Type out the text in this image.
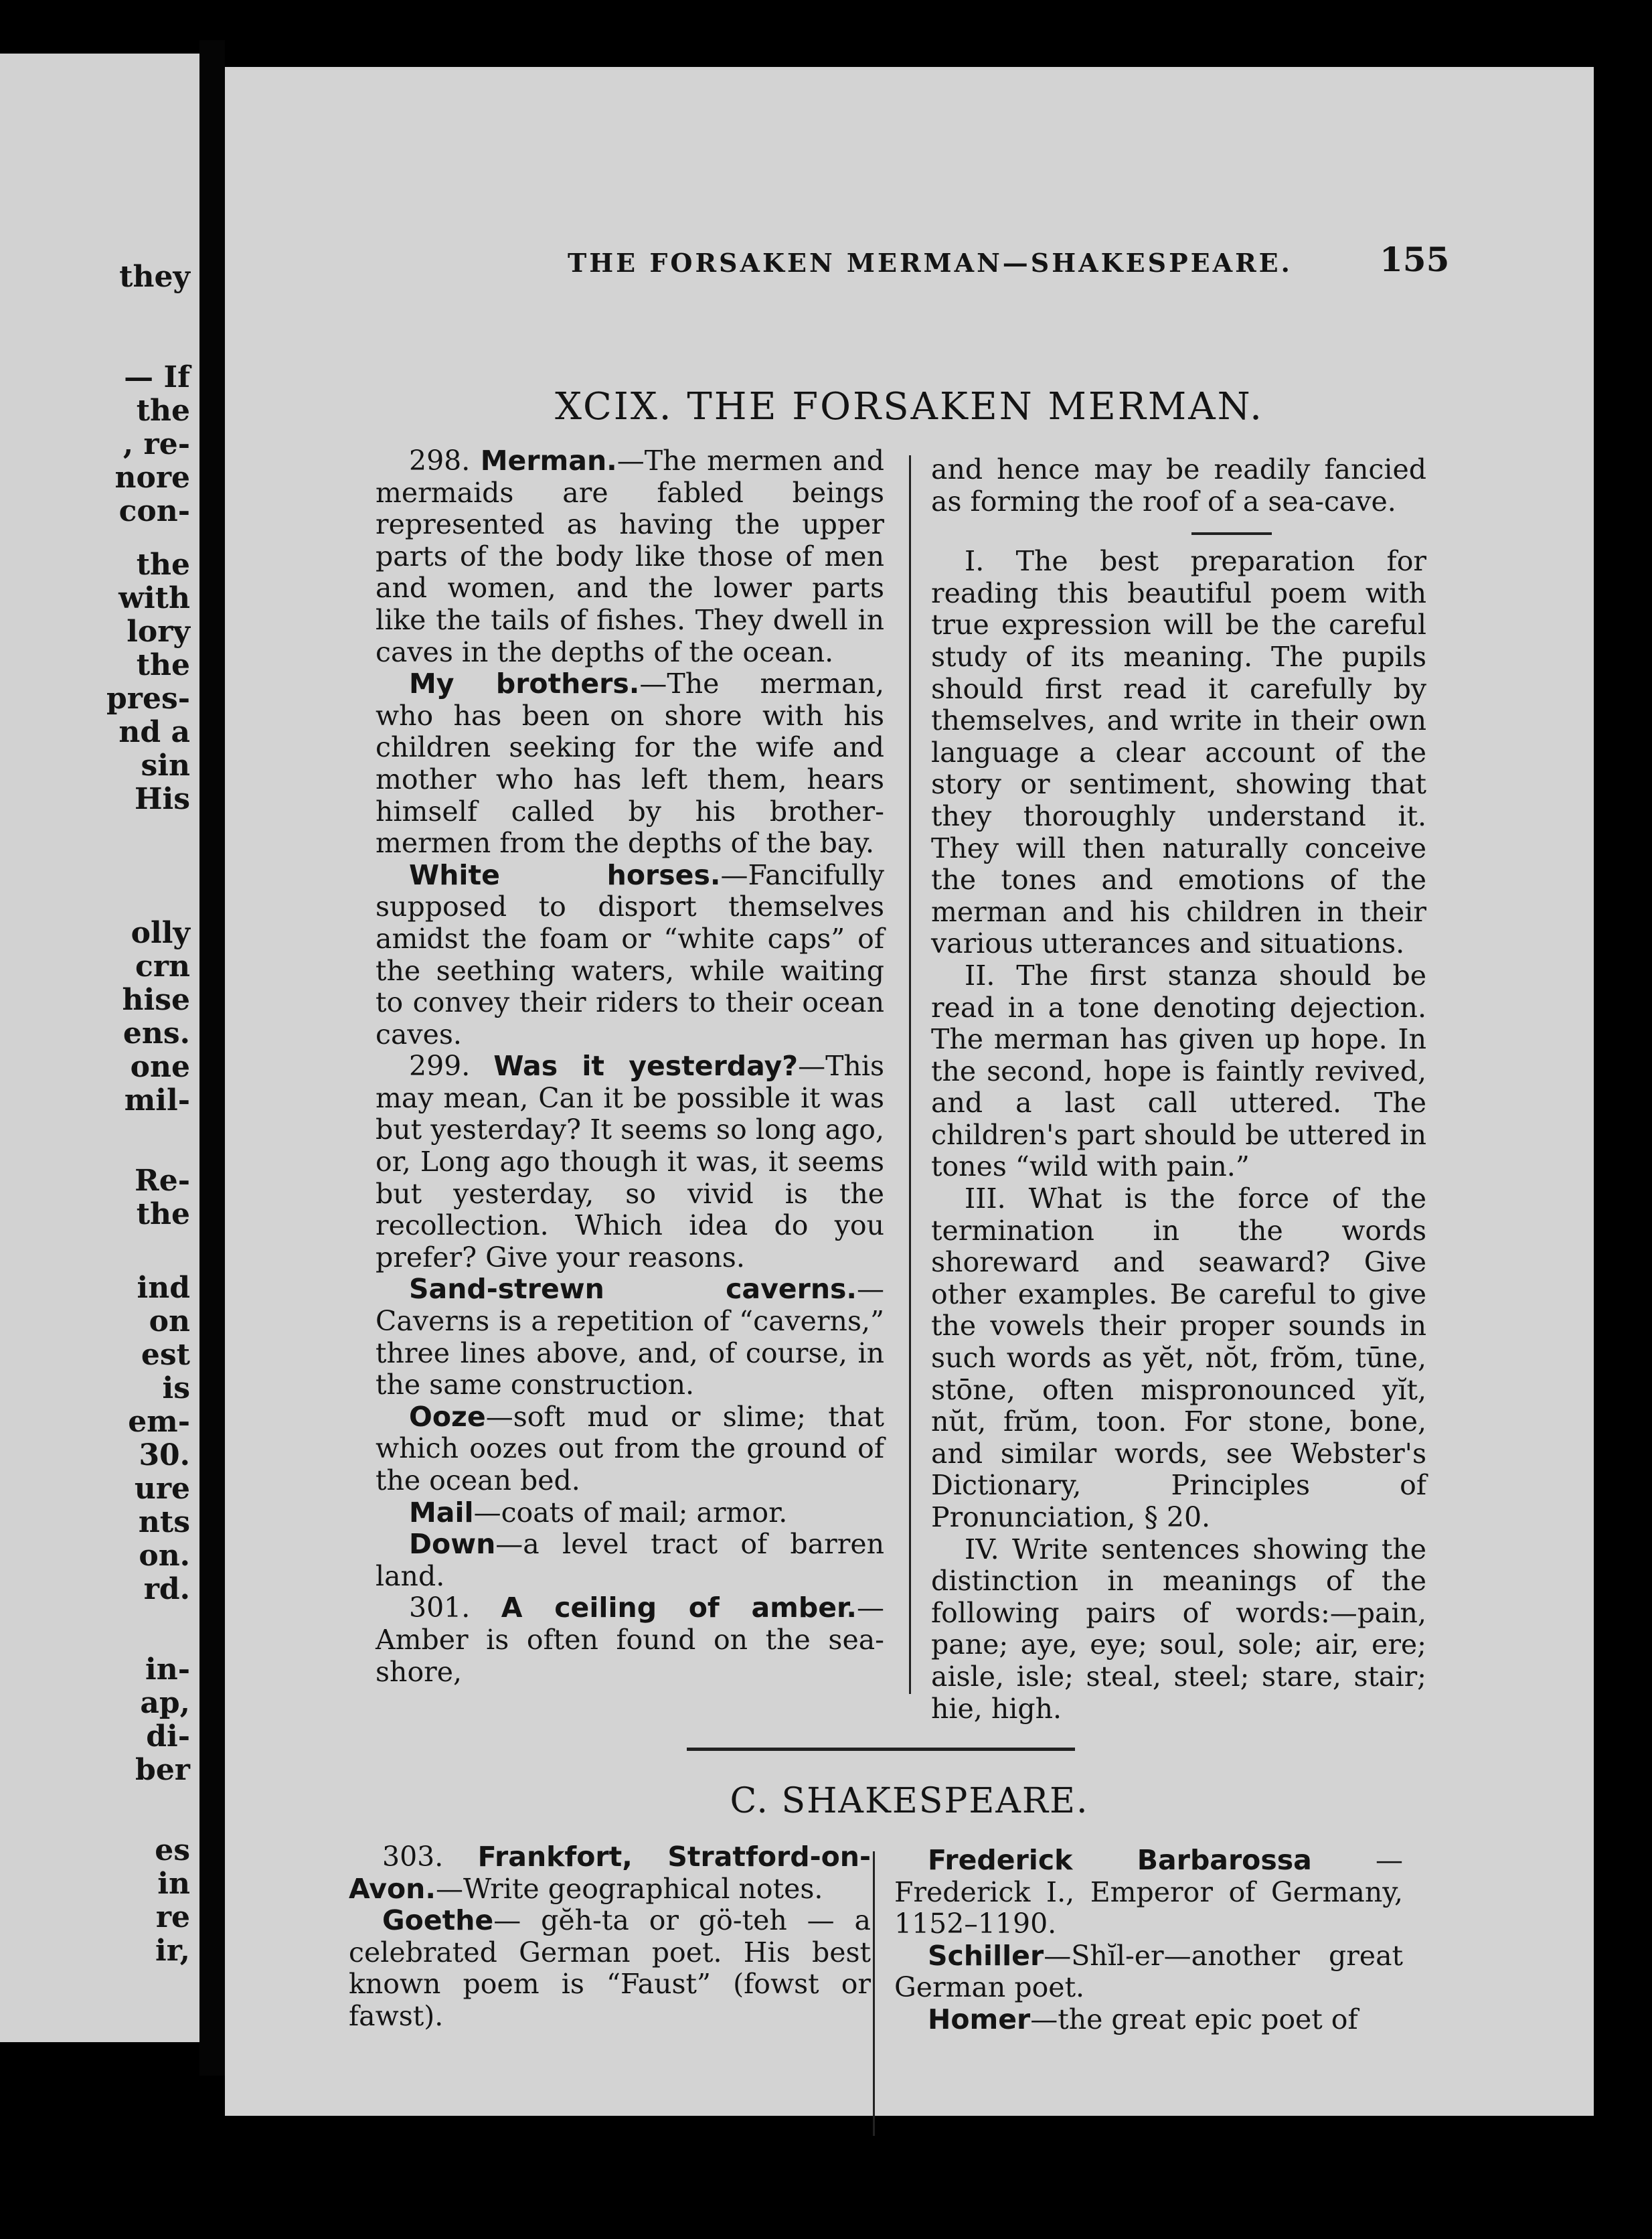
they
— If
the
, re-
nore
con-
the
with
lory
the
pres-
nd a
sin
His
olly
crn
hise
ens.
one
mil-
Re-
the
ind
on
est
is
em-
30.
ure
nts
on.
rd.
in-
ap,
di-
ber
es
in
re
ir,
THE FORSAKEN MERMAN—SHAKESPEARE.	155
XCIX. THE FORSAKEN MERMAN.

298. Merman.—The mermen and mermaids are fabled beings represented as having the upper parts of the body like those of men and women, and the lower parts like the tails of fishes. They dwell in caves in the depths of the ocean.

My brothers.—The merman, who has been on shore with his children seeking for the wife and mother who has left them, hears himself called by his brother-mermen from the depths of the bay.

White horses.—Fancifully supposed to disport themselves amidst the foam or “white caps” of the seething waters, while waiting to convey their riders to their ocean caves.

299. Was it yesterday?—This may mean, Can it be possible it was but yesterday? It seems so long ago, or, Long ago though it was, it seems but yesterday, so vivid is the recollection. Which idea do you prefer? Give your reasons.

Sand-strewn caverns.—Caverns is a repetition of “caverns,” three lines above, and, of course, in the same construction.

Ooze—soft mud or slime; that which oozes out from the ground of the ocean bed.

Mail—coats of mail; armor.

Down—a level tract of barren land.

301. A ceiling of amber.—Amber is often found on the sea-shore,

and hence may be readily fancied as forming the roof of a sea-cave.

I. The best preparation for reading this beautiful poem with true expression will be the careful study of its meaning. The pupils should first read it carefully by themselves, and write in their own language a clear account of the story or sentiment, showing that they thoroughly understand it. They will then naturally conceive the tones and emotions of the merman and his children in their various utterances and situations.

II. The first stanza should be read in a tone denoting dejection. The merman has given up hope. In the second, hope is faintly revived, and a last call uttered. The children's part should be uttered in tones “wild with pain.”

III. What is the force of the termination in the words shoreward and seaward? Give other examples. Be careful to give the vowels their proper sounds in such words as yĕt, nŏt, frŏm, tūne, stōne, often mispronounced yĭt, nŭt, frŭm, toon. For stone, bone, and similar words, see Webster's Dictionary, Principles of Pronunciation, § 20.

IV. Write sentences showing the distinction in meanings of the following pairs of words:—pain, pane; aye, eye; soul, sole; air, ere; aisle, isle; steal, steel; stare, stair; hie, high.

C. SHAKESPEARE.

303. Frankfort, Stratford-on-Avon.—Write geographical notes.

Goethe— gĕh-ta or gö-teh — a celebrated German poet. His best known poem is “Faust” (fowst or fawst).

Frederick Barbarossa — Frederick I., Emperor of Germany, 1152–1190.

Schiller—Shĭl-er—another great German poet.

Homer—the great epic poet of
